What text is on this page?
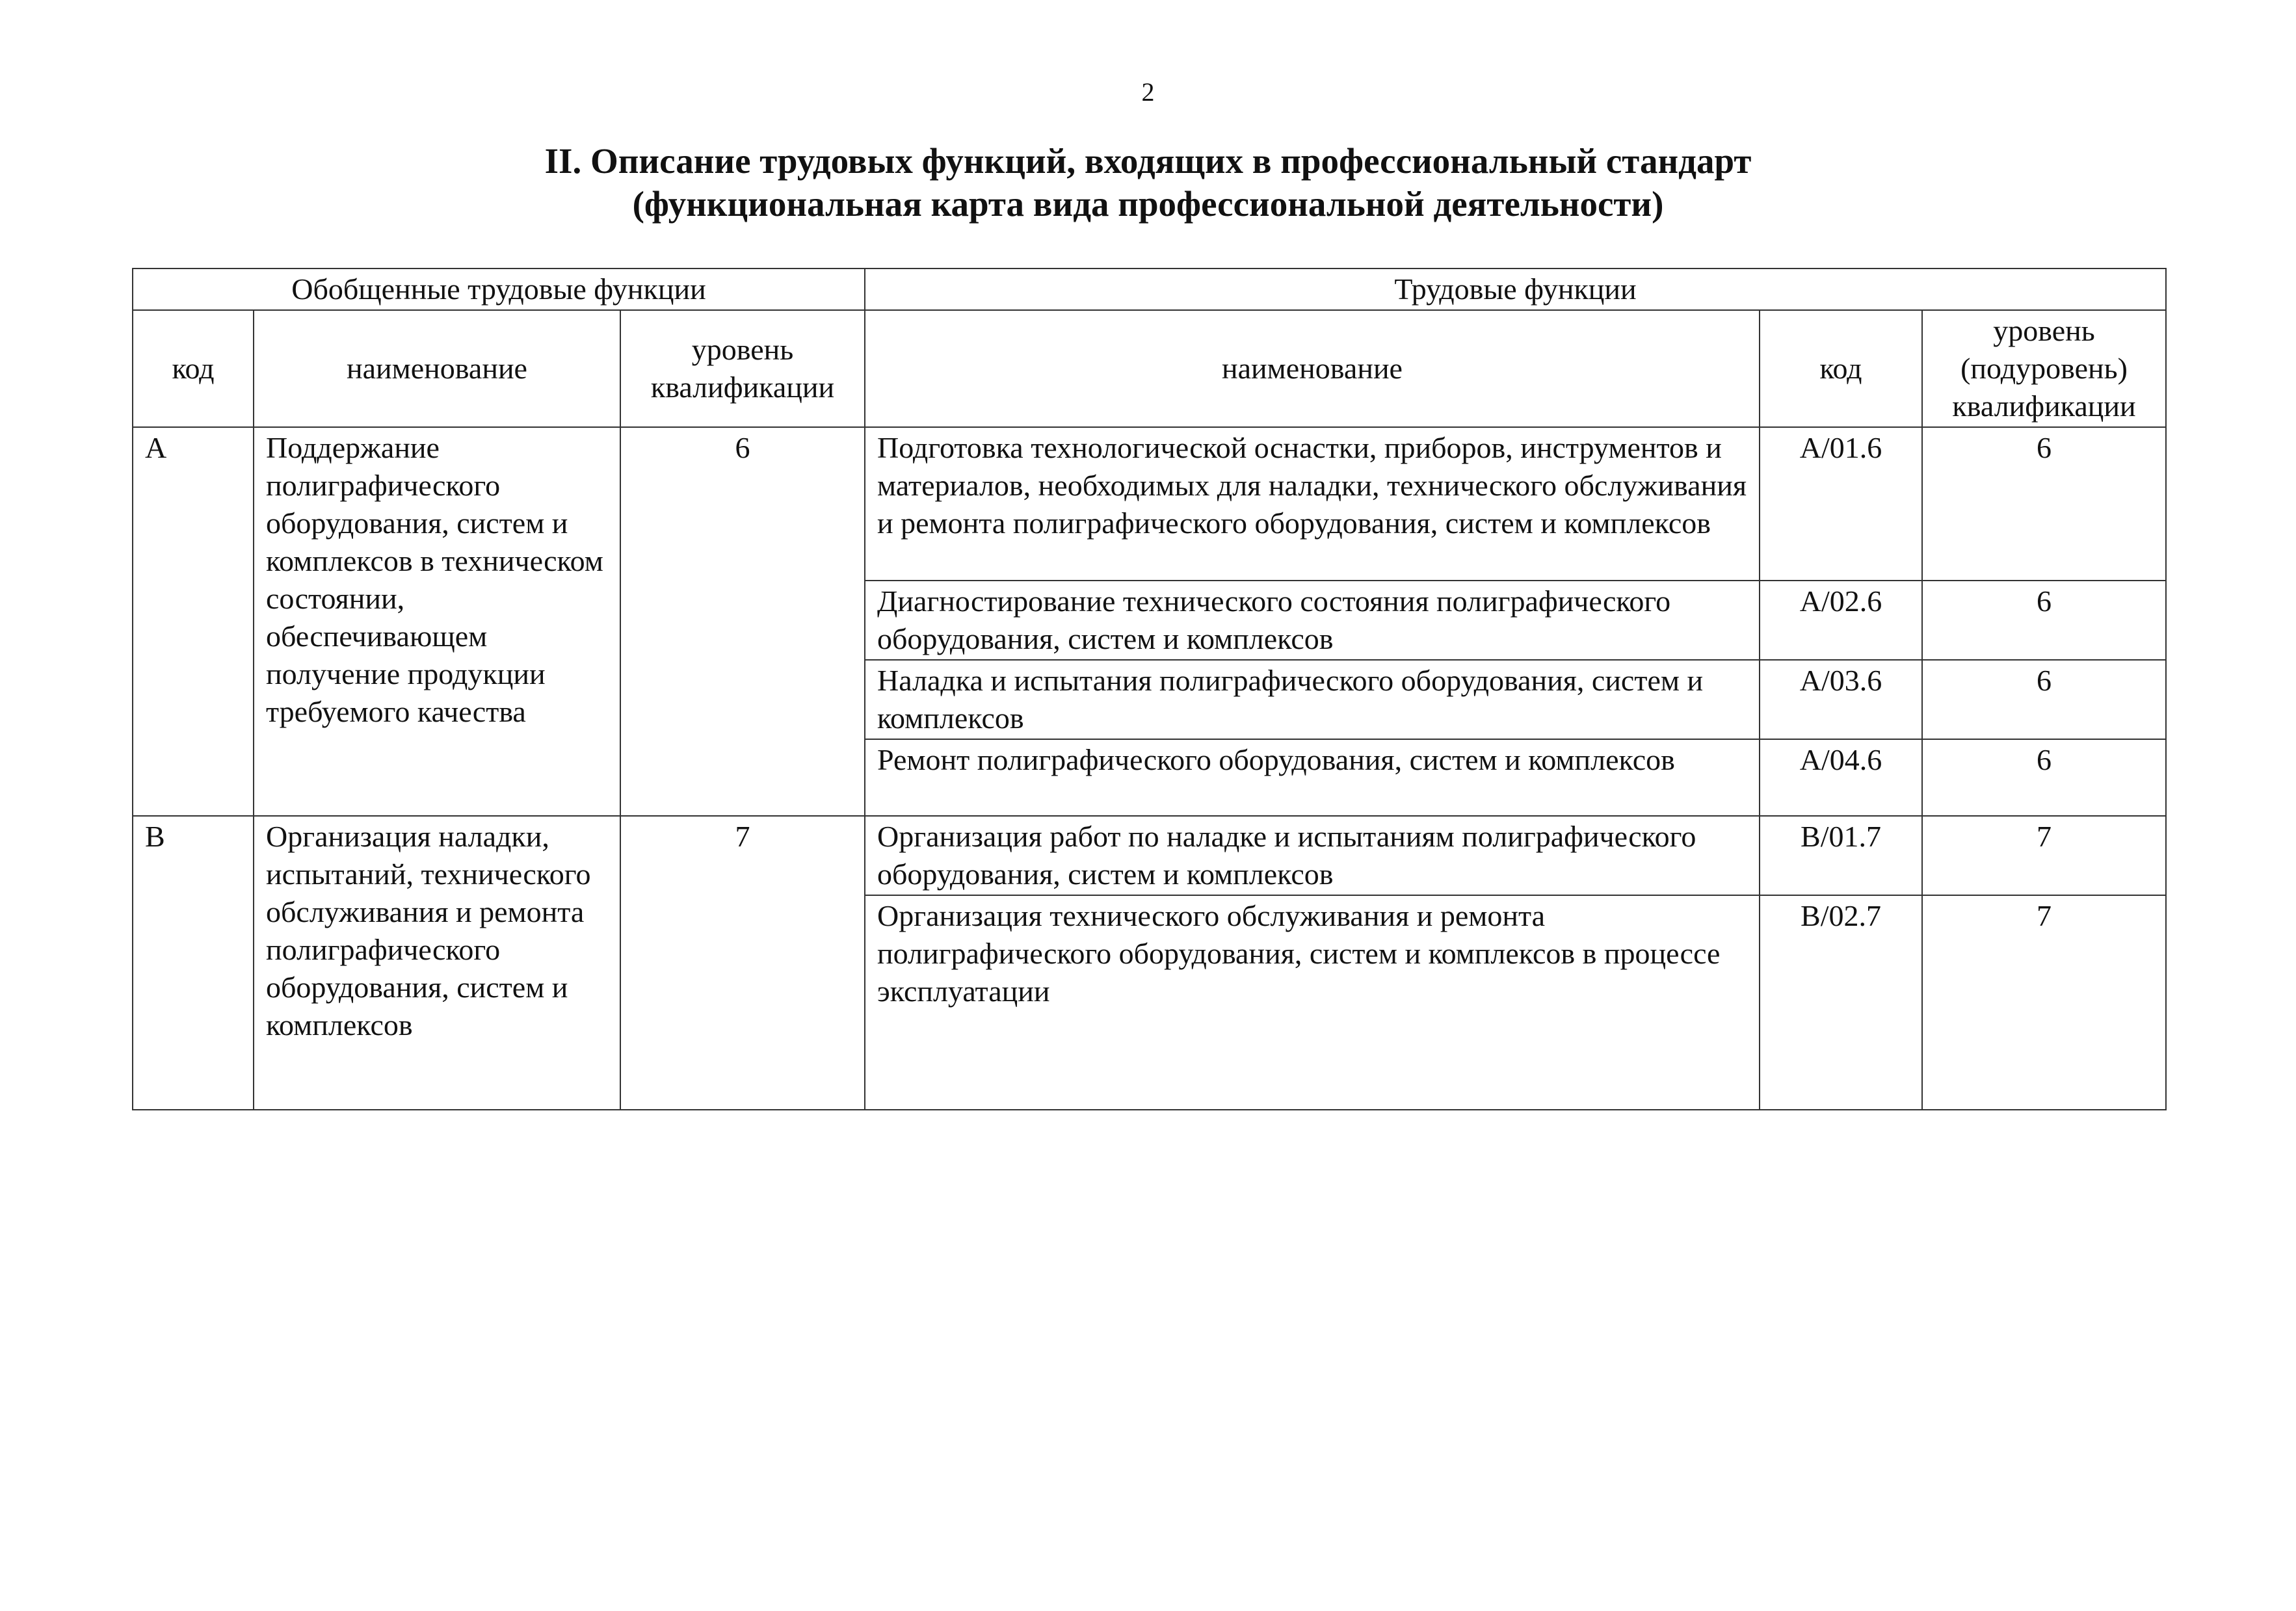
2
II. Описание трудовых функций, входящих в профессиональный стандарт
(функциональная карта вида профессиональной деятельности)
Обобщенные трудовые функции			Трудовые функции		
код	наименование	уровень квалификации	наименование	код	уровень (подуровень) квалификации
A	Поддержание полиграфического оборудования, систем и комплексов в техническом состоянии, обеспечивающем получение продукции требуемого качества	6	Подготовка технологической оснастки, приборов, инструментов и материалов, необходимых для наладки, технического обслуживания и ремонта полиграфического оборудования, систем и комплексов	A/01.6	6
			Диагностирование технического состояния полиграфического оборудования, систем и комплексов	A/02.6	6
			Наладка и испытания полиграфического оборудования, систем и комплексов	A/03.6	6
			Ремонт полиграфического оборудования, систем и комплексов	A/04.6	6
B	Организация наладки, испытаний, технического обслуживания и ремонта полиграфического оборудования, систем и комплексов	7	Организация работ по наладке и испытаниям полиграфического оборудования, систем и комплексов	B/01.7	7
			Организация технического обслуживания и ремонта полиграфического оборудования, систем и комплексов в процессе эксплуатации	B/02.7	7
